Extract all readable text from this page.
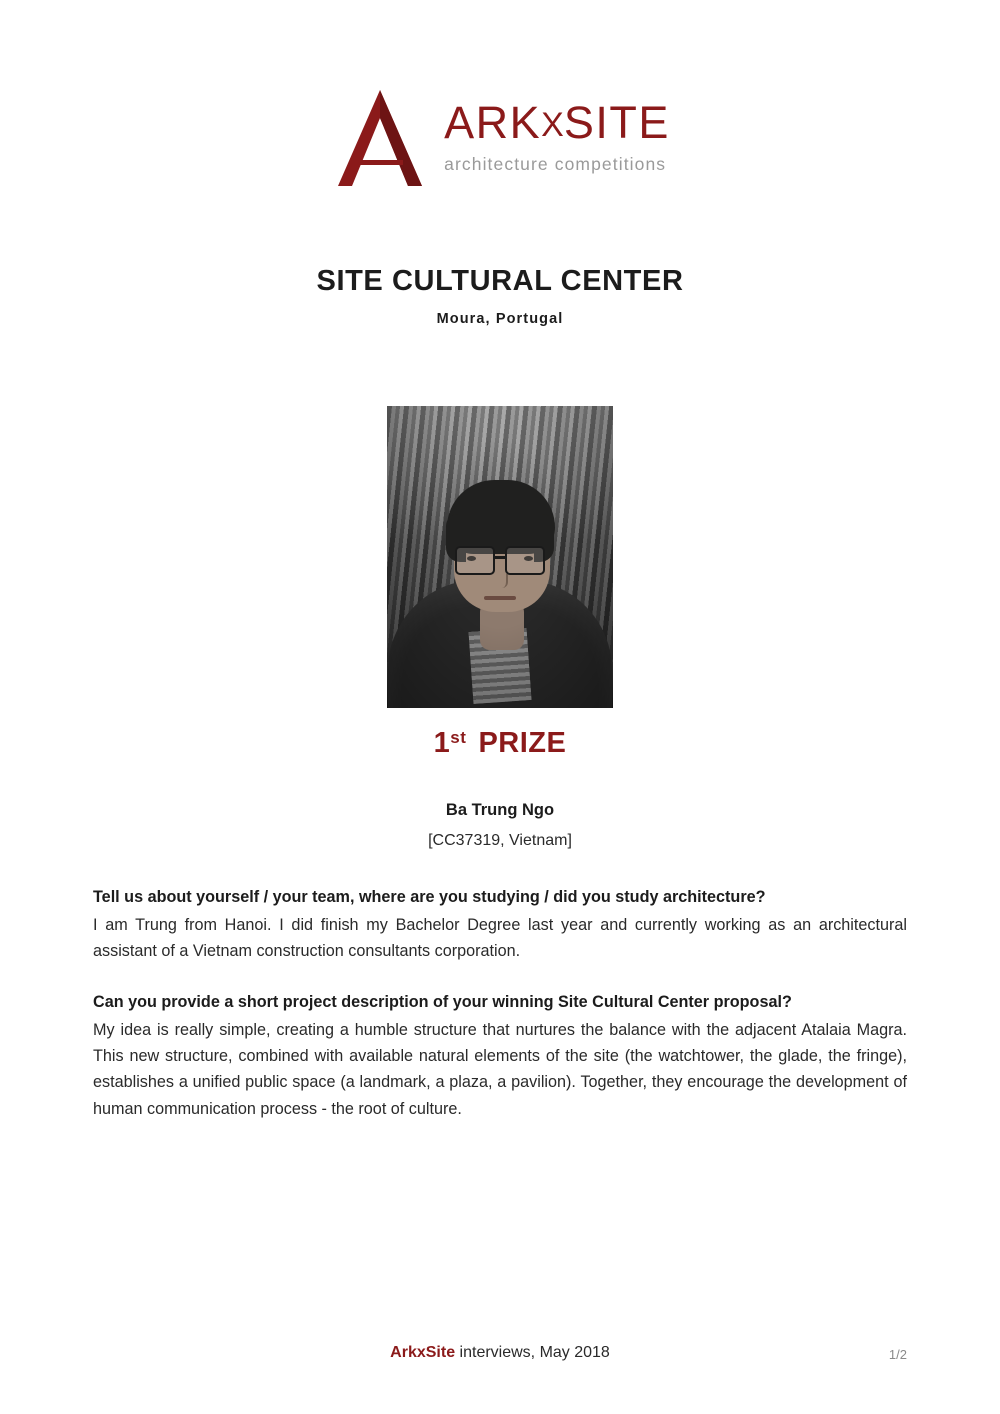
ARKXSITE
architecture competitions
SITE CULTURAL CENTER
Moura, Portugal
1st PRIZE
Ba Trung Ngo
[CC37319, Vietnam]
Tell us about yourself / your team, where are you studying / did you study architecture?
I am Trung from Hanoi. I did finish my Bachelor Degree last year and currently working as an architectural assistant of a Vietnam construction consultants corporation.
Can you provide a short project description of your winning Site Cultural Center proposal?
My idea is really simple, creating a humble structure that nurtures the balance with the adjacent Atalaia Magra. This new structure, combined with available natural elements of the site (the watchtower, the glade, the fringe), establishes a unified public space (a landmark, a plaza, a pavilion). Together, they encourage the development of human communication process - the root of culture.
ArkxSite interviews, May 2018	1/2
